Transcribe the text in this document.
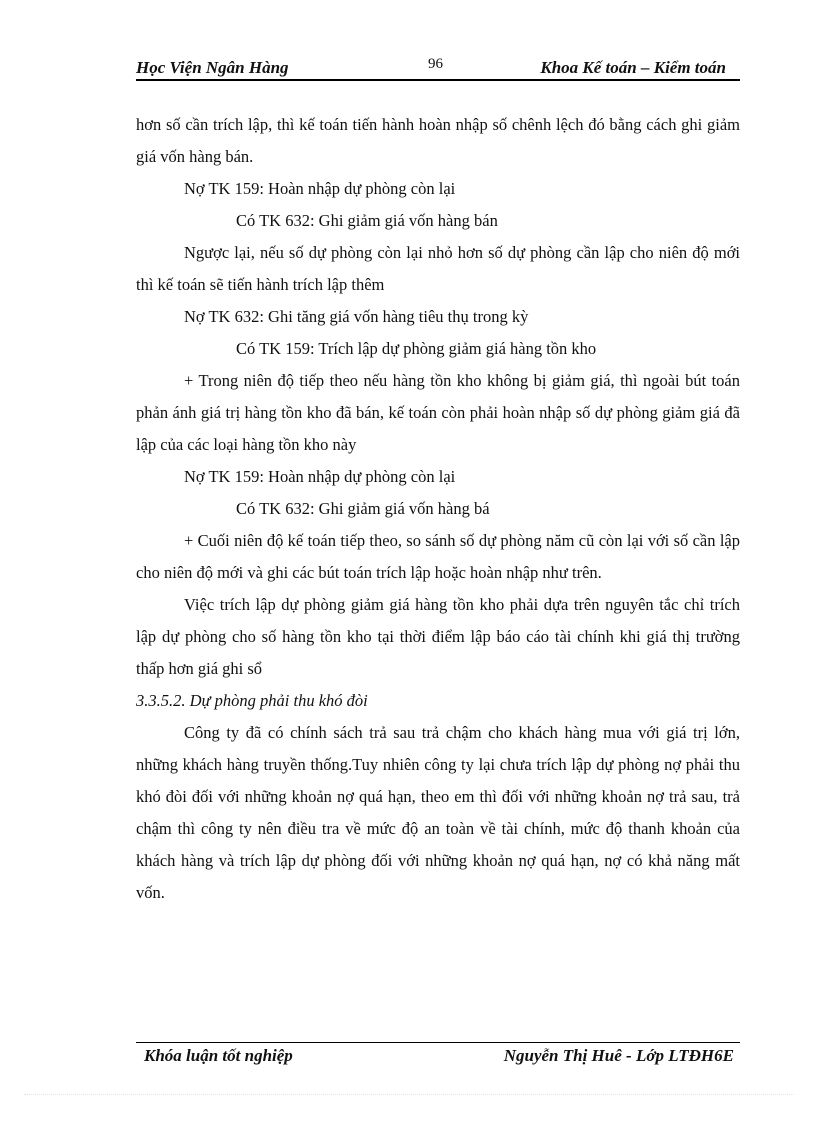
Học Viện Ngân Hàng	96	Khoa Kế toán – Kiểm toán

hơn số cần trích lập, thì kế toán tiến hành hoàn nhập số chênh lệch đó bằng cách ghi giảm giá vốn hàng bán.

Nợ TK 159: Hoàn nhập dự phòng còn lại

Có TK 632: Ghi giảm giá vốn hàng bán

Ngược lại, nếu số dự phòng còn lại nhỏ hơn số dự phòng cần lập cho niên độ mới thì kế toán sẽ tiến hành trích lập thêm

Nợ TK 632: Ghi tăng giá vốn hàng tiêu thụ trong kỳ

Có TK 159: Trích lập dự phòng giảm giá hàng tồn kho

+ Trong niên độ tiếp theo nếu hàng tồn kho không bị giảm giá, thì ngoài bút toán phản ánh giá trị hàng tồn kho đã bán, kế toán còn phải hoàn nhập số dự phòng giảm giá đã lập của các loại hàng tồn kho này

Nợ TK 159: Hoàn nhập dự phòng còn lại

Có TK 632: Ghi giảm giá vốn hàng bá

+ Cuối niên độ kế toán tiếp theo, so sánh số dự phòng năm cũ còn lại với số cần lập cho niên độ mới và ghi các bút toán trích lập hoặc hoàn nhập như trên.

Việc trích lập dự phòng giảm giá hàng tồn kho phải dựa trên nguyên tắc chỉ trích lập dự phòng cho số hàng tồn kho tại thời điểm lập báo cáo tài chính khi giá thị trường thấp hơn giá ghi sổ

3.3.5.2. Dự phòng phải thu khó đòi

Công ty đã có chính sách trả sau trả chậm cho khách hàng mua với giá trị lớn, những khách hàng truyền thống.Tuy nhiên công ty lại chưa trích lập dự phòng nợ phải thu khó đòi đối với những khoản nợ quá hạn, theo em thì đối với những khoản nợ trả sau, trả chậm thì công ty nên điều tra về mức độ an toàn về tài chính, mức độ thanh khoản của khách hàng và trích lập dự phòng đối với những khoản nợ quá hạn, nợ có khả năng mất vốn.

Khóa luận tốt nghiệp	Nguyễn Thị Huê - Lớp LTĐH6E
